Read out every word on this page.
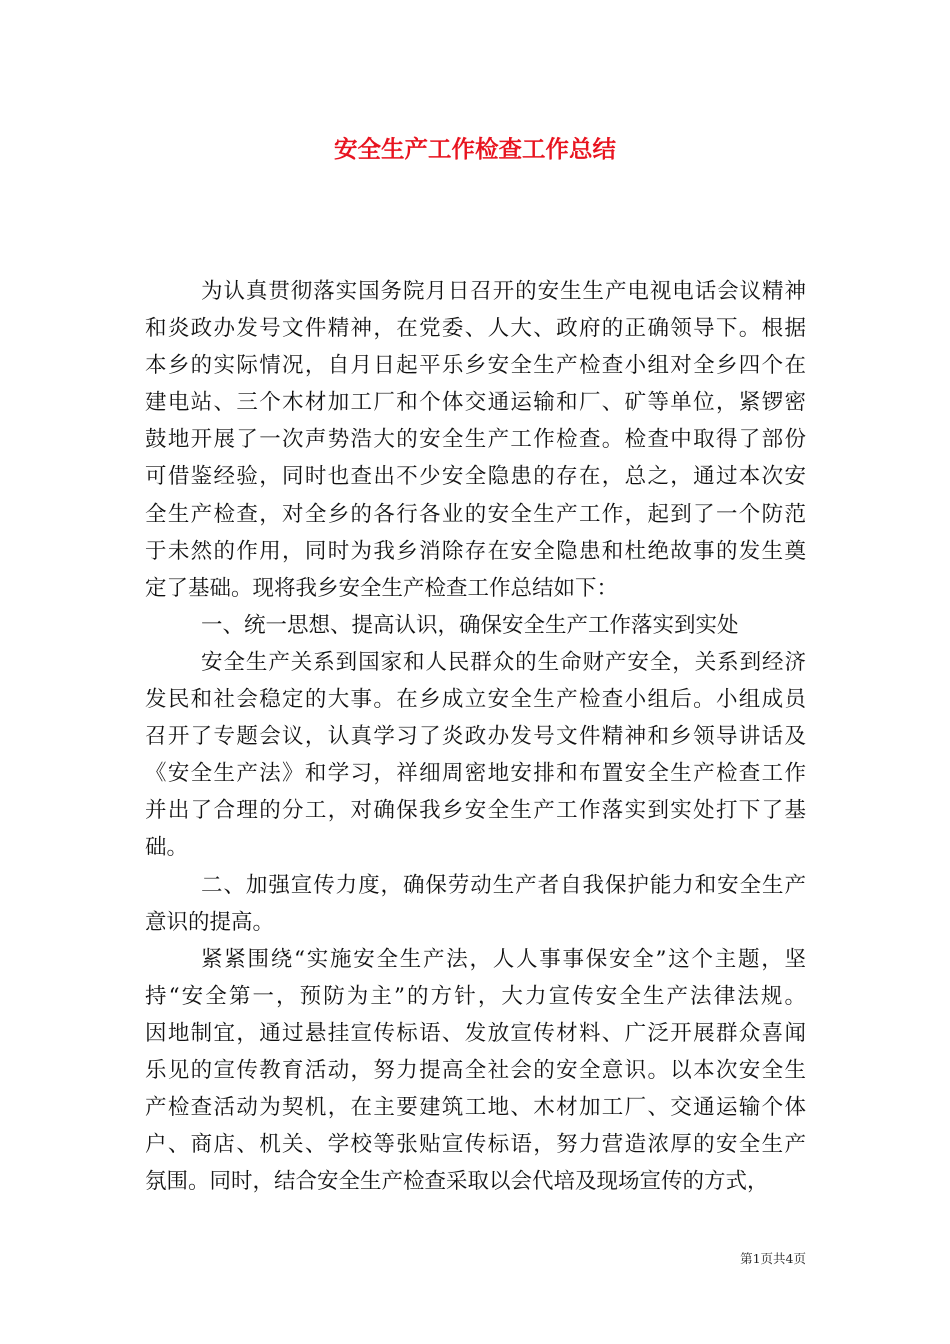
安全生产工作检查工作总结
为认真贯彻落实国务院月日召开的安生生产电视电话会议精神
和炎政办发号文件精神，在党委、人大、政府的正确领导下。根据
本乡的实际情况，自月日起平乐乡安全生产检查小组对全乡四个在
建电站、三个木材加工厂和个体交通运输和厂、矿等单位，紧锣密
鼓地开展了一次声势浩大的安全生产工作检查。检查中取得了部份
可借鉴经验，同时也查出不少安全隐患的存在，总之，通过本次安
全生产检查，对全乡的各行各业的安全生产工作，起到了一个防范
于未然的作用，同时为我乡消除存在安全隐患和杜绝故事的发生奠
定了基础。现将我乡安全生产检查工作总结如下：
一、统一思想、提高认识，确保安全生产工作落实到实处
安全生产关系到国家和人民群众的生命财产安全，关系到经济
发民和社会稳定的大事。在乡成立安全生产检查小组后。小组成员
召开了专题会议，认真学习了炎政办发号文件精神和乡领导讲话及
《安全生产法》和学习，祥细周密地安排和布置安全生产检查工作
并出了合理的分工，对确保我乡安全生产工作落实到实处打下了基
础。
二、加强宣传力度，确保劳动生产者自我保护能力和安全生产
意识的提高。
紧紧围绕“实施安全生产法，人人事事保安全”这个主题，坚
持“安全第一，预防为主”的方针，大力宣传安全生产法律法规。
因地制宜，通过悬挂宣传标语、发放宣传材料、广泛开展群众喜闻
乐见的宣传教育活动，努力提高全社会的安全意识。以本次安全生
产检查活动为契机，在主要建筑工地、木材加工厂、交通运输个体
户、商店、机关、学校等张贴宣传标语，努力营造浓厚的安全生产
氛围。同时，结合安全生产检查采取以会代培及现场宣传的方式，
第1页共4页
